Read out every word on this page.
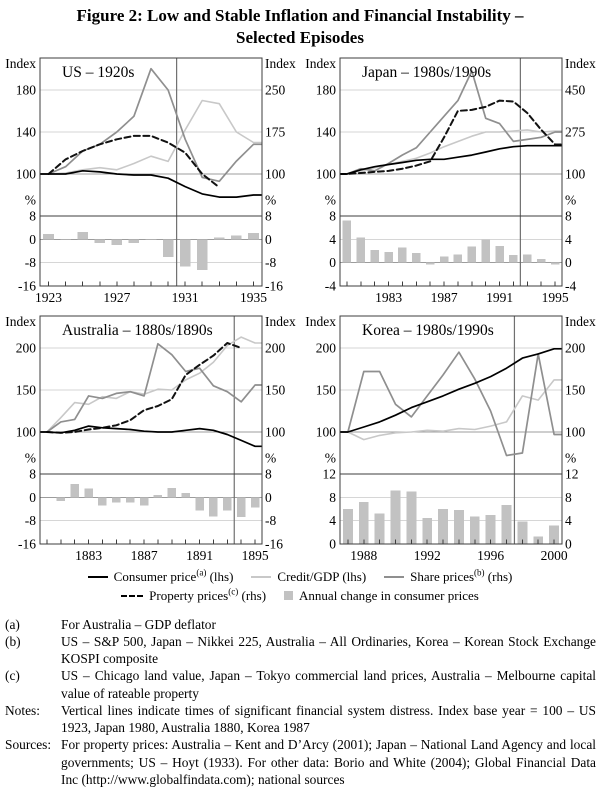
Figure 2: Low and Stable Inflation and Financial Instability –
Selected Episodes
Index	Index
180	250
140	175
100	100
%	%
8	8
0	0
-8	-8
-16	-16
1923	1927	1931	1935
US – 1920s
Index	Index
180	450
140	275
100	100
%	%
8	8
4	4
0	0
-4	-4
1983 1987 1991 1995
Japan – 1980s/1990s
Index	Index
200	200
150	150
100	100
%	%
8	8
0	0
-8	-8
-16	-16
1883 1887 1891 1895
Australia – 1880s/1890s
Index	Index
200	200
150	150
100	100
%	%
12	12
8	8
4	4
0	0
1988	1992	1996	2000
Korea – 1980s/1990s
Consumer price$^{(a)}$ (lhs)	Credit/GDP (lhs)	Share prices$^{(b)}$ (rhs)
Property prices$^{(c)}$ (rhs)	Annual change in consumer prices
(a)	For Australia – GDP deflator
(b)	US – S&P 500, Japan – Nikkei 225, Australia – All Ordinaries, Korea – Korean Stock Exchange KOSPI composite
(c)	US – Chicago land value, Japan – Tokyo commercial land prices, Australia – Melbourne capital value of rateable property
Notes:	Vertical lines indicate times of significant financial system distress. Index base year = 100 – US 1923, Japan 1980, Australia 1880, Korea 1987
Sources: For property prices: Australia – Kent and D’Arcy (2001); Japan – National Land Agency and local governments; US – Hoyt (1933). For other data: Borio and White (2004); Global Financial Data Inc (http://www.globalfindata.com); national sources
